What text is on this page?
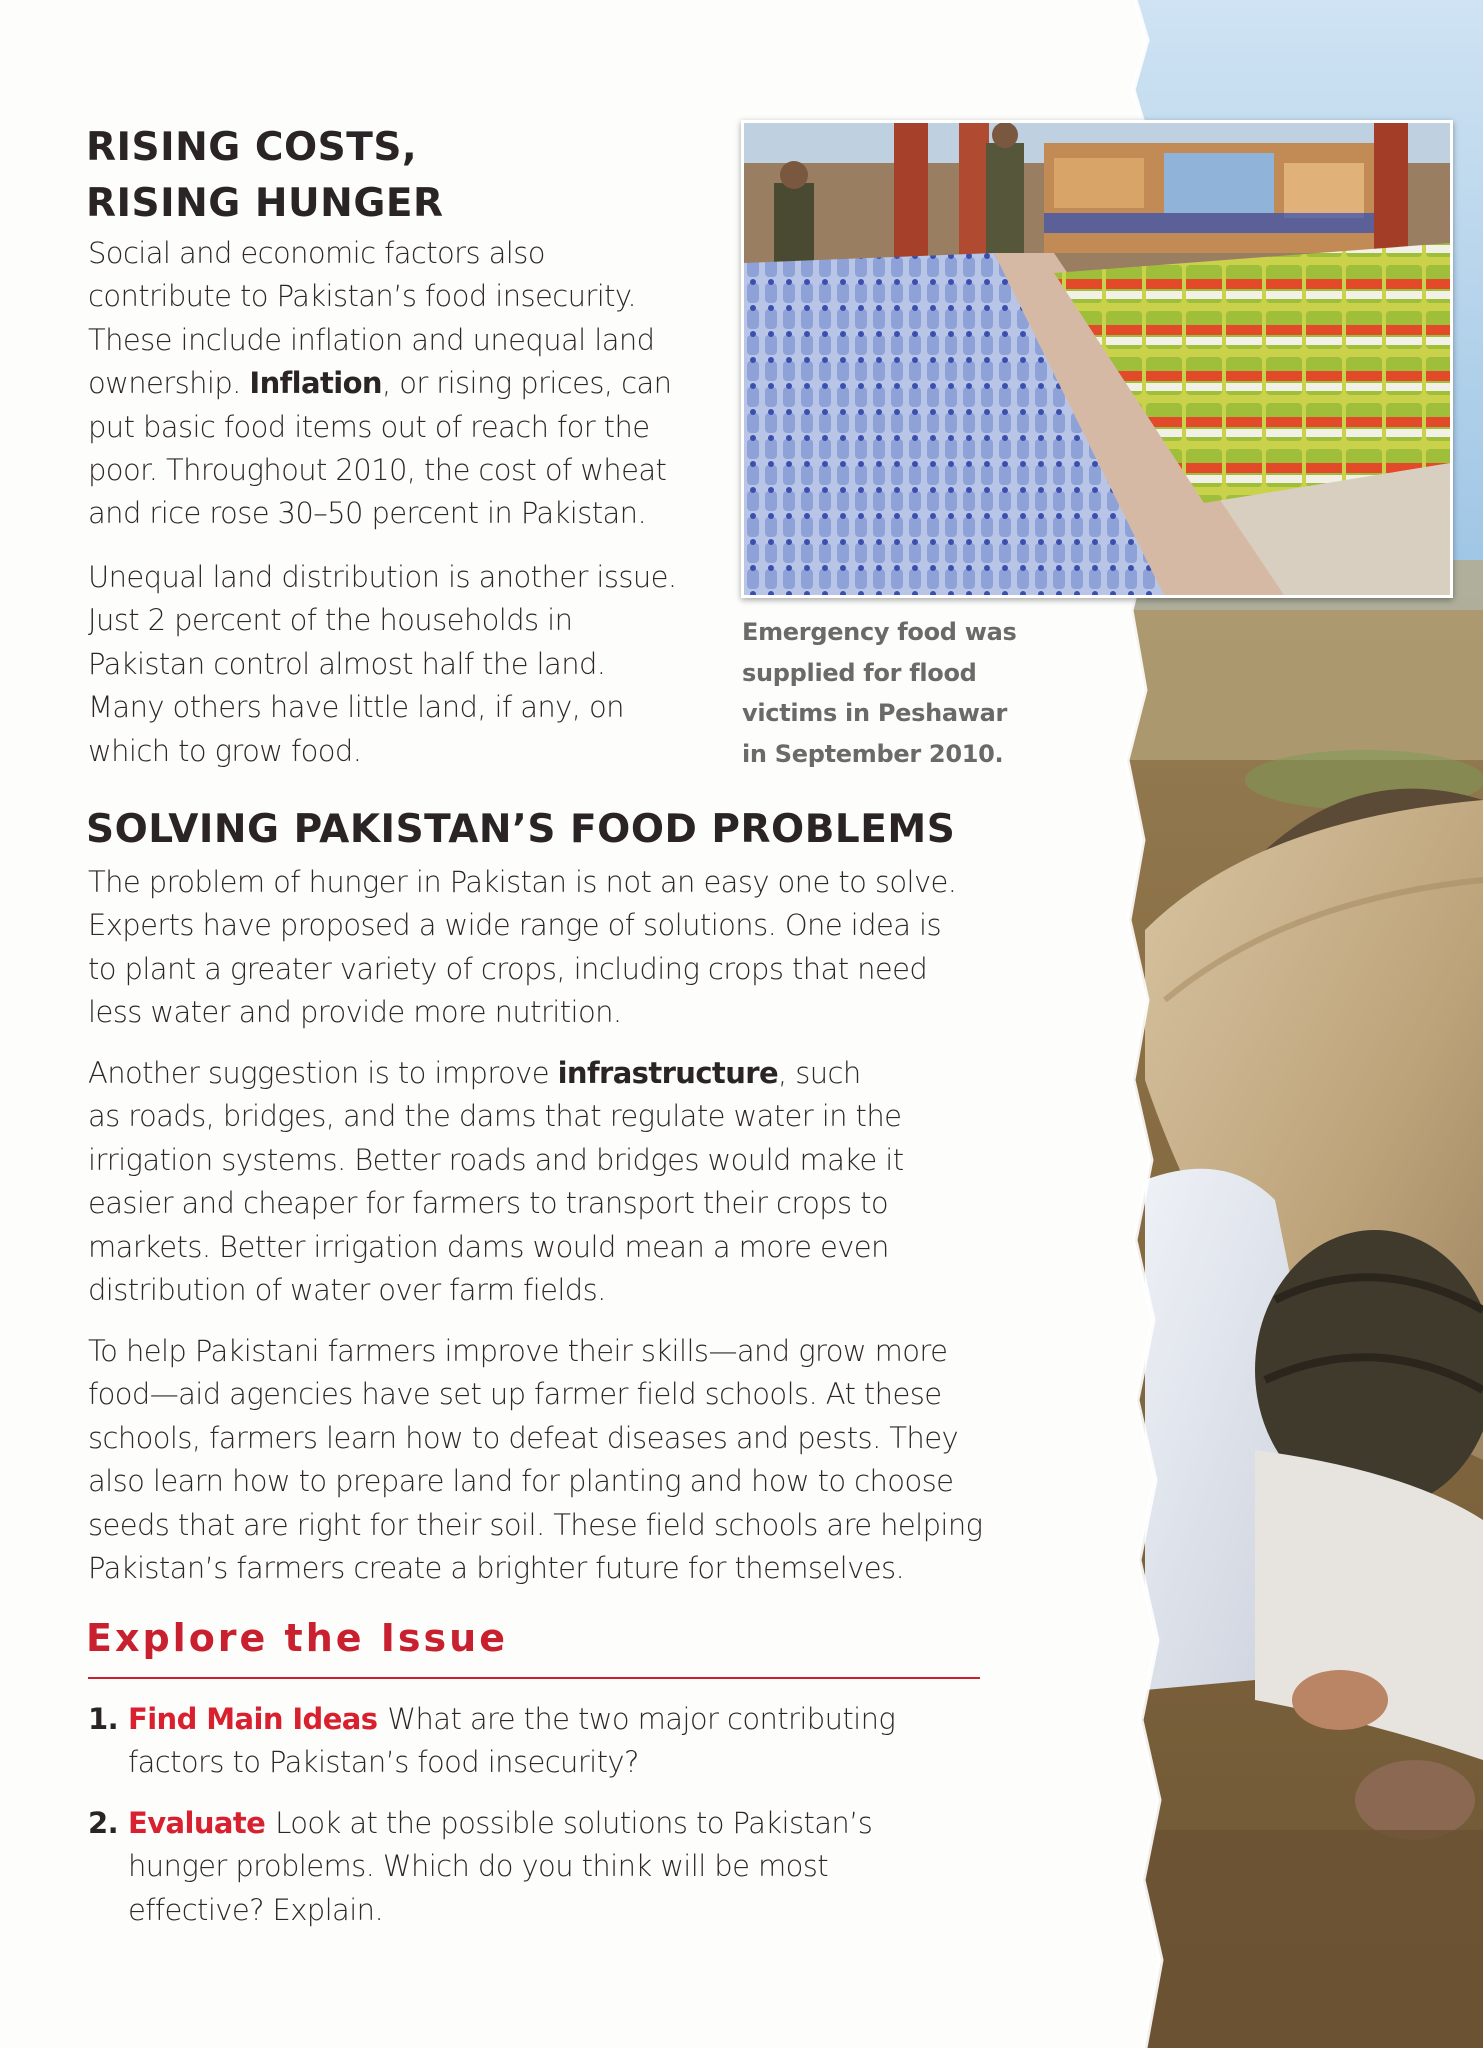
RISING COSTS,
RISING HUNGER

Social and economic factors also
contribute to Pakistan’s food insecurity.
These include inflation and unequal land
ownership. Inflation, or rising prices, can
put basic food items out of reach for the
poor. Throughout 2010, the cost of wheat
and rice rose 30–50 percent in Pakistan.

Unequal land distribution is another issue.
Just 2 percent of the households in
Pakistan control almost half the land.
Many others have little land, if any, on
which to grow food.

Emergency food was
supplied for flood
victims in Peshawar
in September 2010.

SOLVING PAKISTAN’S FOOD PROBLEMS

The problem of hunger in Pakistan is not an easy one to solve.
Experts have proposed a wide range of solutions. One idea is
to plant a greater variety of crops, including crops that need
less water and provide more nutrition.

Another suggestion is to improve infrastructure, such
as roads, bridges, and the dams that regulate water in the
irrigation systems. Better roads and bridges would make it
easier and cheaper for farmers to transport their crops to
markets. Better irrigation dams would mean a more even
distribution of water over farm fields.

To help Pakistani farmers improve their skills—and grow more
food—aid agencies have set up farmer field schools. At these
schools, farmers learn how to defeat diseases and pests. They
also learn how to prepare land for planting and how to choose
seeds that are right for their soil. These field schools are helping
Pakistan’s farmers create a brighter future for themselves.

Explore the Issue
1. Find Main Ideas What are the two major contributing
factors to Pakistan’s food insecurity?
2. Evaluate Look at the possible solutions to Pakistan’s
hunger problems. Which do you think will be most
effective? Explain.
